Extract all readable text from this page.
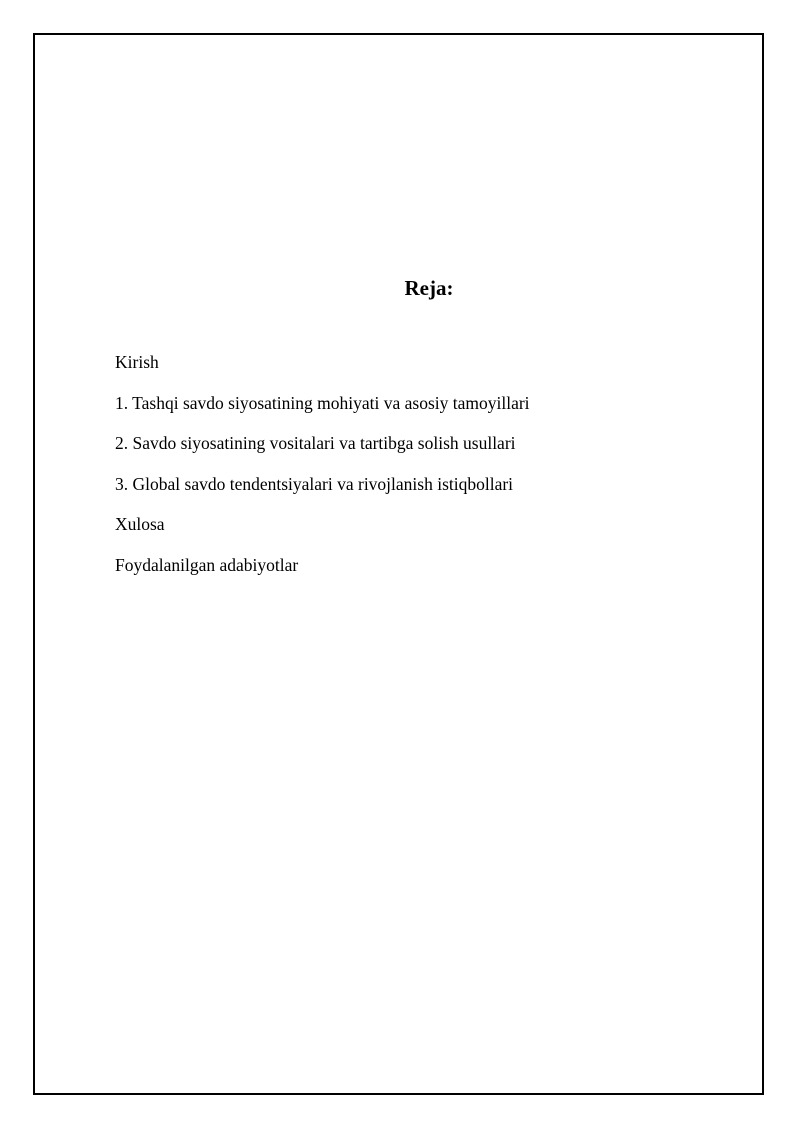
Reja:
Kirish
1. Tashqi savdo siyosatining mohiyati va asosiy tamoyillari
2. Savdo siyosatining vositalari va tartibga solish usullari
3. Global savdo tendentsiyalari va rivojlanish istiqbollari
Xulosa
Foydalanilgan adabiyotlar
